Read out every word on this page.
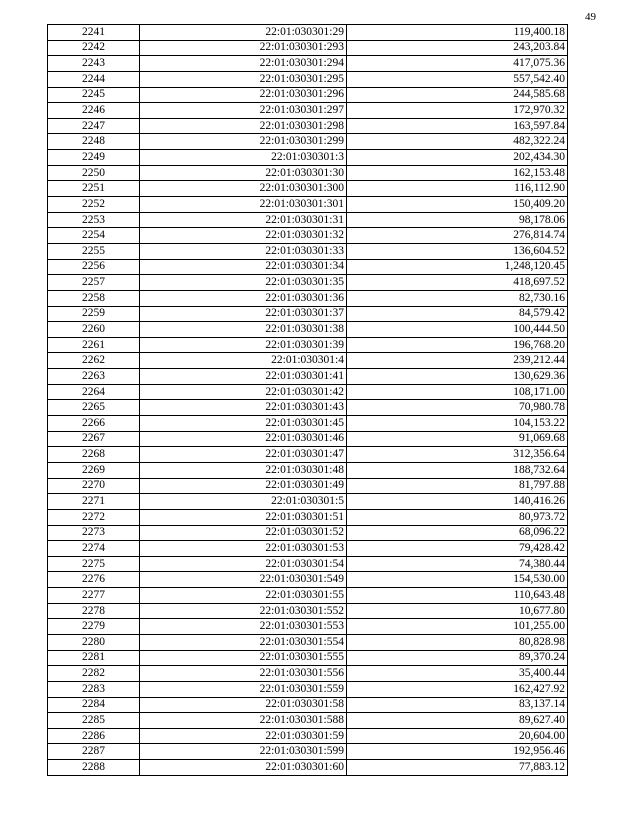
49
2241	22:01:030301:29	119,400.18
2242	22:01:030301:293	243,203.84
2243	22:01:030301:294	417,075.36
2244	22:01:030301:295	557,542.40
2245	22:01:030301:296	244,585.68
2246	22:01:030301:297	172,970.32
2247	22:01:030301:298	163,597.84
2248	22:01:030301:299	482,322.24
2249	22:01:030301:3	202,434.30
2250	22:01:030301:30	162,153.48
2251	22:01:030301:300	116,112.90
2252	22:01:030301:301	150,409.20
2253	22:01:030301:31	98,178.06
2254	22:01:030301:32	276,814.74
2255	22:01:030301:33	136,604.52
2256	22:01:030301:34	1,248,120.45
2257	22:01:030301:35	418,697.52
2258	22:01:030301:36	82,730.16
2259	22:01:030301:37	84,579.42
2260	22:01:030301:38	100,444.50
2261	22:01:030301:39	196,768.20
2262	22:01:030301:4	239,212.44
2263	22:01:030301:41	130,629.36
2264	22:01:030301:42	108,171.00
2265	22:01:030301:43	70,980.78
2266	22:01:030301:45	104,153.22
2267	22:01:030301:46	91,069.68
2268	22:01:030301:47	312,356.64
2269	22:01:030301:48	188,732.64
2270	22:01:030301:49	81,797.88
2271	22:01:030301:5	140,416.26
2272	22:01:030301:51	80,973.72
2273	22:01:030301:52	68,096.22
2274	22:01:030301:53	79,428.42
2275	22:01:030301:54	74,380.44
2276	22:01:030301:549	154,530.00
2277	22:01:030301:55	110,643.48
2278	22:01:030301:552	10,677.80
2279	22:01:030301:553	101,255.00
2280	22:01:030301:554	80,828.98
2281	22:01:030301:555	89,370.24
2282	22:01:030301:556	35,400.44
2283	22:01:030301:559	162,427.92
2284	22:01:030301:58	83,137.14
2285	22:01:030301:588	89,627.40
2286	22:01:030301:59	20,604.00
2287	22:01:030301:599	192,956.46
2288	22:01:030301:60	77,883.12
